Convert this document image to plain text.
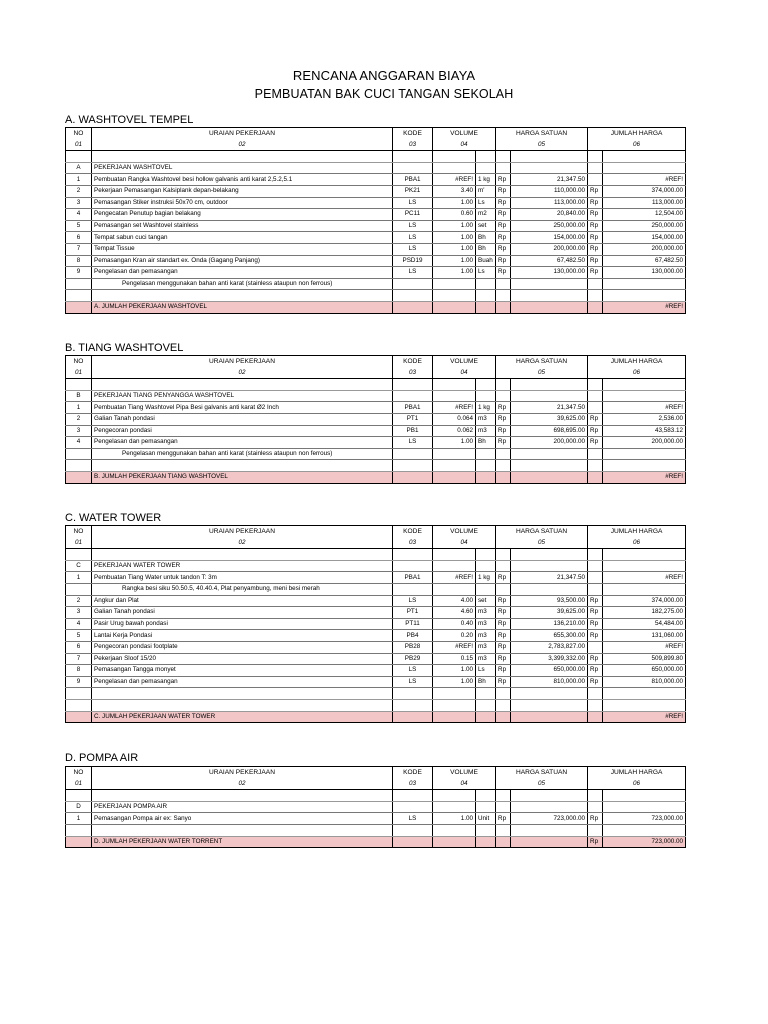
RENCANA ANGGARAN BIAYA
PEMBUATAN BAK CUCI TANGAN SEKOLAH
A. WASHTOVEL TEMPEL
NO	URAIAN PEKERJAAN	KODE	VOLUME		HARGA SATUAN		JUMLAH HARGA	
01	02	03	04		05		06	

A	PEKERJAAN WASHTOVEL							
1	Pembuatan Rangka Washtovel besi hollow galvanis anti karat 2,5.2,5.1	PBA1	#REF!	1 kg	Rp	21,347.50		#REF!
2	Pekerjaan Pemasangan Kalsiplank depan-belakang	PK21	3.40	m'	Rp	110,000.00	Rp	374,000.00
3	Pemasangan Stiker instruksi 50x70 cm, outdoor	LS	1.00	Ls	Rp	113,000.00	Rp	113,000.00
4	Pengecatan Penutup bagian belakang	PC11	0.60	m2	Rp	20,840.00	Rp	12,504.00
5	Pemasangan set Washtovel stainless	LS	1.00	set	Rp	250,000.00	Rp	250,000.00
6	Tempat sabun cuci tangan	LS	1.00	Bh	Rp	154,000.00	Rp	154,000.00
7	Tempat Tissue	LS	1.00	Bh	Rp	200,000.00	Rp	200,000.00
8	Pemasangan Kran air standart ex. Onda (Gagang Panjang)	PSD19	1.00	Buah	Rp	67,482.50	Rp	67,482.50
9	Pengelasan dan pemasangan	LS	1.00	Ls	Rp	130,000.00	Rp	130,000.00
	Pengelasan menggunakan bahan anti karat (stainless ataupun non ferrous)							

	A. JUMLAH PEKERJAAN WASHTOVEL							#REF!
B. TIANG WASHTOVEL
NO	URAIAN PEKERJAAN	KODE	VOLUME		HARGA SATUAN		JUMLAH HARGA	
01	02	03	04		05		06	

B	PEKERJAAN TIANG PENYANGGA WASHTOVEL							
1	Pembuatan Tiang Washtovel Pipa Besi galvanis anti karat Ø2 Inch	PBA1	#REF!	1 kg	Rp	21,347.50		#REF!
2	Galian Tanah pondasi	PT1	0.064	m3	Rp	39,625.00	Rp	2,536.00
3	Pengecoran pondasi	PB1	0.062	m3	Rp	698,695.00	Rp	43,583.12
4	Pengelasan dan pemasangan	LS	1.00	Bh	Rp	200,000.00	Rp	200,000.00
	Pengelasan menggunakan bahan anti karat (stainless ataupun non ferrous)							

	B. JUMLAH PEKERJAAN TIANG WASHTOVEL							#REF!
C. WATER TOWER
NO	URAIAN PEKERJAAN	KODE	VOLUME		HARGA SATUAN		JUMLAH HARGA	
01	02	03	04		05		06	

C	PEKERJAAN WATER TOWER							
1	Pembuatan Tiang Water untuk tandon T: 3m	PBA1	#REF!	1 kg	Rp	21,347.50		#REF!
	Rangka besi siku 50.50.5, 40.40.4, Plat penyambung, meni besi merah							
2	Angkur dan Plat	LS	4.00	set	Rp	93,500.00	Rp	374,000.00
3	Galian Tanah pondasi	PT1	4.60	m3	Rp	39,625.00	Rp	182,275.00
4	Pasir Urug bawah pondasi	PT11	0.40	m3	Rp	136,210.00	Rp	54,484.00
5	Lantai Kerja Pondasi	PB4	0.20	m3	Rp	655,300.00	Rp	131,060.00
6	Pengecoran pondasi footplate	PB28	#REF!	m3	Rp	2,783,827.00		#REF!
7	Pekerjaan Sloof 15/20	PB29	0.15	m3	Rp	3,399,332.00	Rp	509,899.80
8	Pemasangan Tangga monyet	LS	1.00	Ls	Rp	650,000.00	Rp	650,000.00
9	Pengelasan dan pemasangan	LS	1.00	Bh	Rp	810,000.00	Rp	810,000.00

	C. JUMLAH PEKERJAAN WATER TOWER							#REF!
D. POMPA AIR
NO	URAIAN PEKERJAAN	KODE	VOLUME		HARGA SATUAN		JUMLAH HARGA	
01	02	03	04		05		06	

D	PEKERJAAN POMPA AIR							
1	Pemasangan Pompa air ex: Sanyo	LS	1.00	Unit	Rp	723,000.00	Rp	723,000.00

	D. JUMLAH PEKERJAAN WATER TORRENT						Rp	723,000.00
